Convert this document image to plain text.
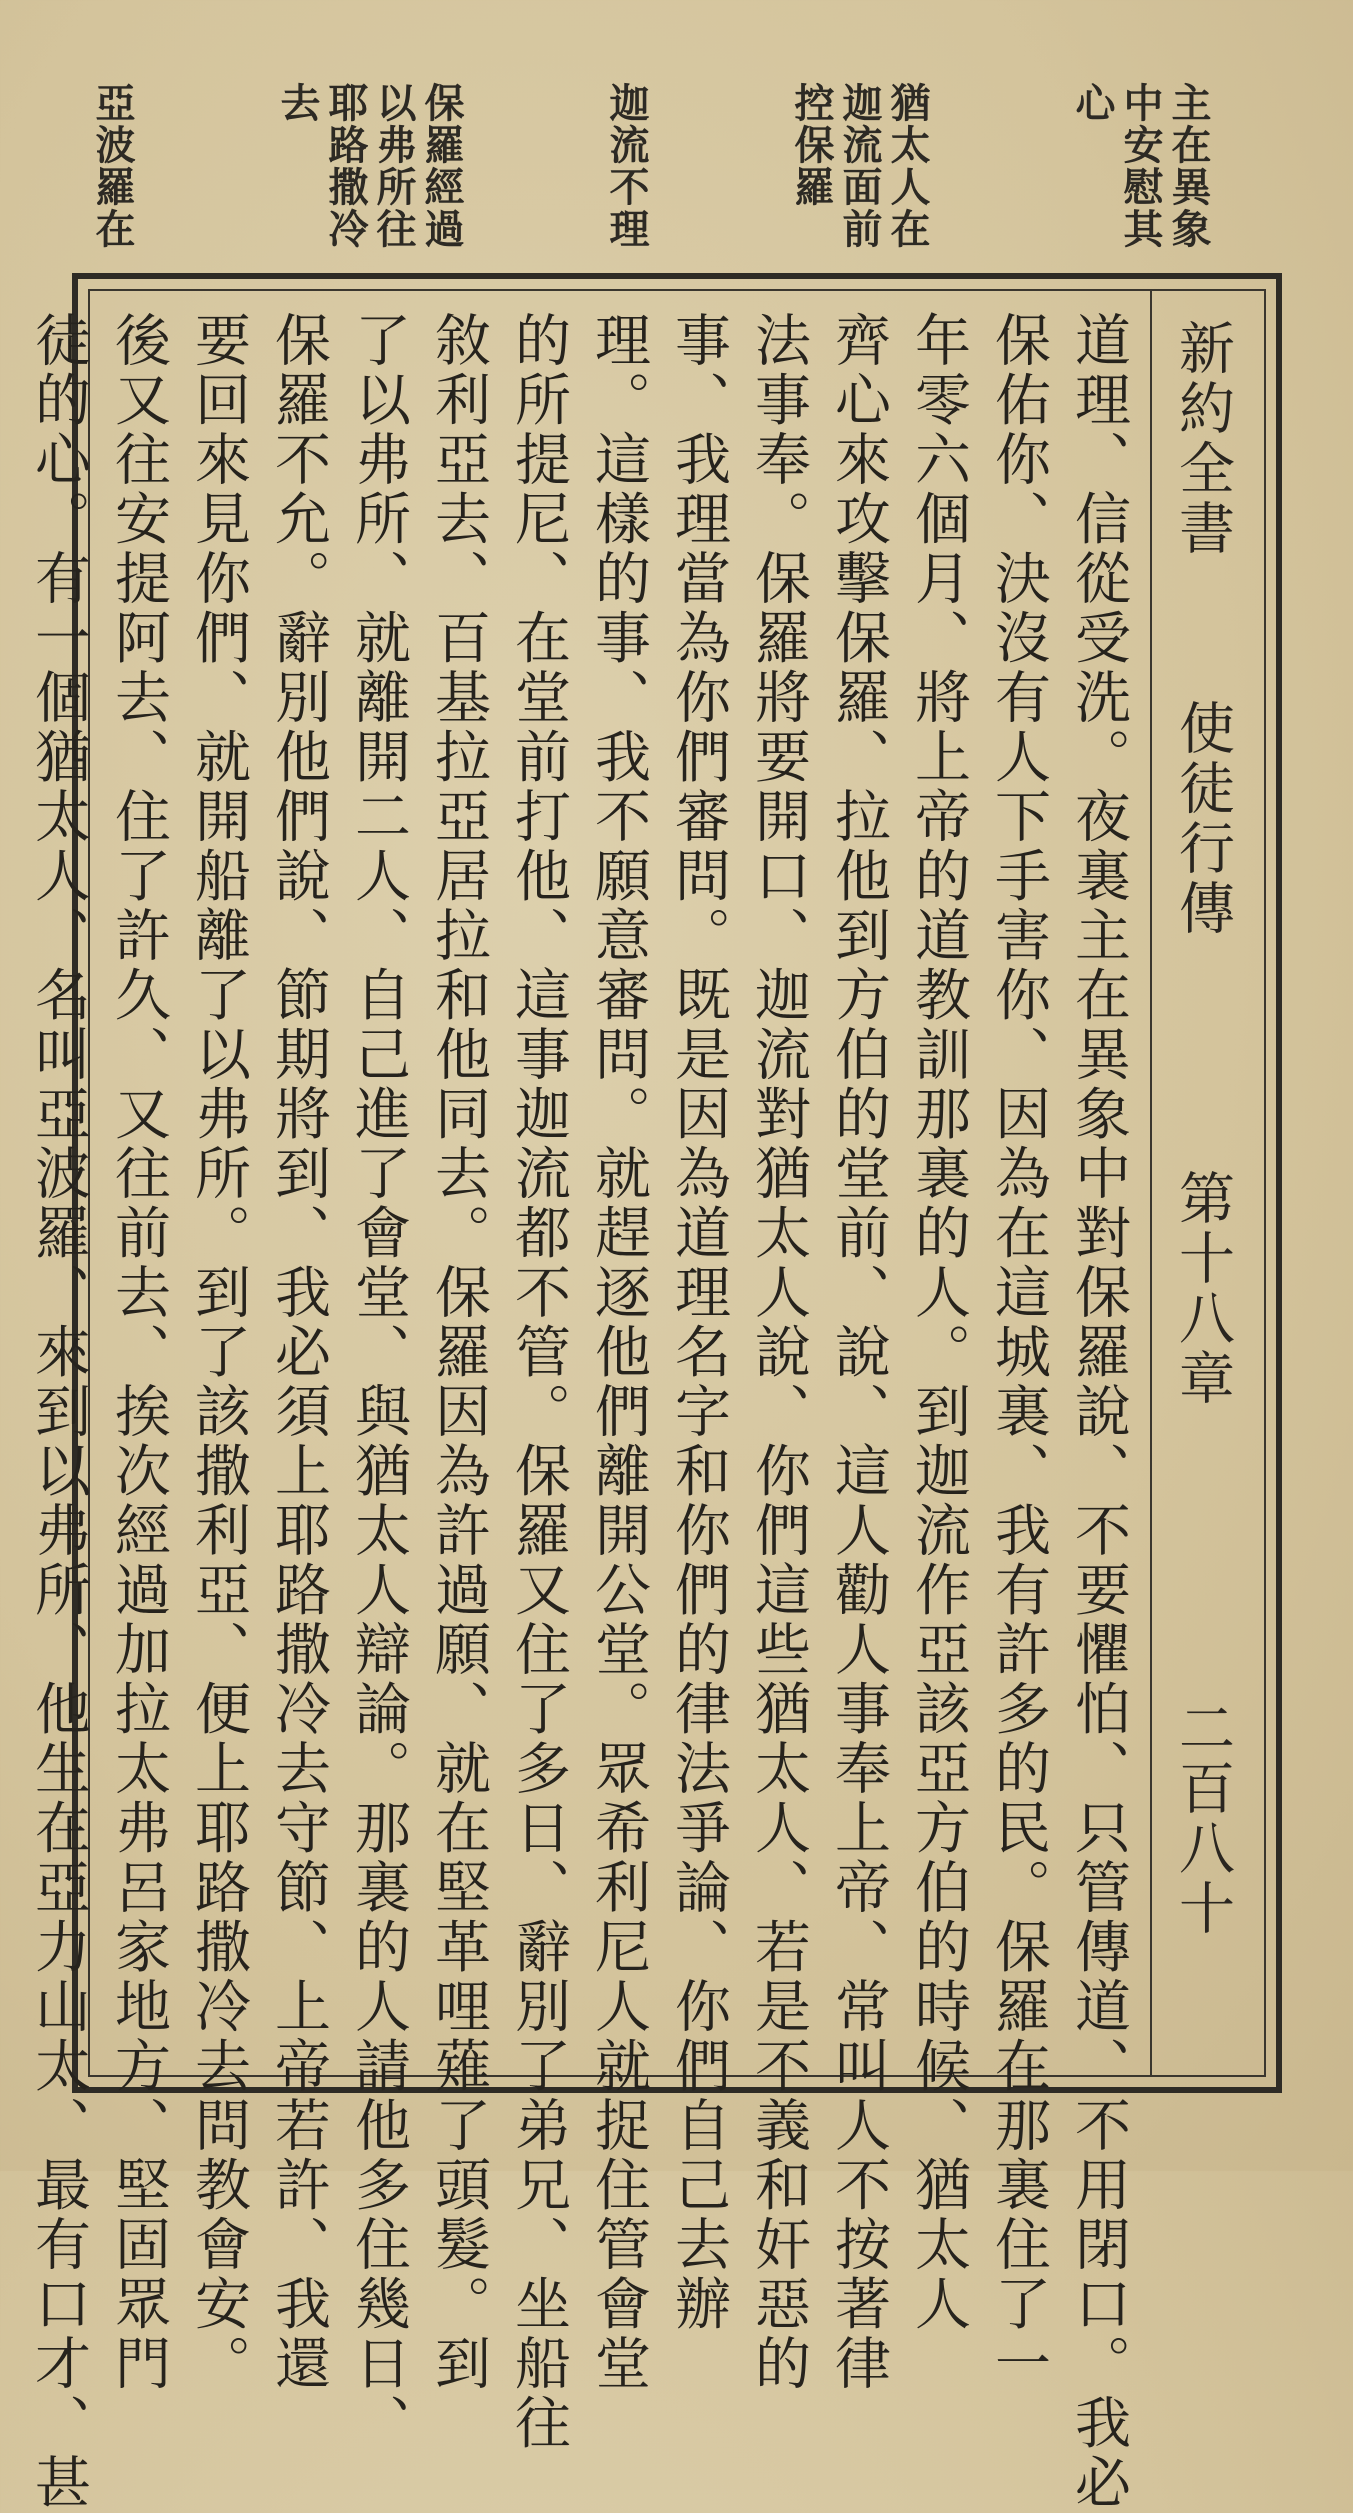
主在異象
中安慰其
心
猶太人在
迦流面前
控保羅
迦流不理
保羅經過
以弗所往
耶路撒冷
去
亞波羅在
新約全書
使徒行傳
第十八章
二百八十
道理、信從受洗。夜裏主在異象中對保羅說、不要懼怕、只管傳道、不用閉口。我必
保佑你、決沒有人下手害你、因為在這城裏、我有許多的民。保羅在那裏住了一
年零六個月、將上帝的道教訓那裏的人。到迦流作亞該亞方伯的時候、猶太人
齊心來攻擊保羅、拉他到方伯的堂前、說、這人勸人事奉上帝、常叫人不按著律
法事奉。保羅將要開口、迦流對猶太人說、你們這些猶太人、若是不義和奸惡的
事、我理當為你們審問。既是因為道理名字和你們的律法爭論、你們自己去辦
理。這樣的事、我不願意審問。就趕逐他們離開公堂。眾希利尼人就捉住管會堂
的所提尼、在堂前打他、這事迦流都不管。保羅又住了多日、辭別了弟兄、坐船往
敘利亞去、百基拉亞居拉和他同去。保羅因為許過願、就在堅革哩薙了頭髮。到
了以弗所、就離開二人、自己進了會堂、與猶太人辯論。那裏的人請他多住幾日、
保羅不允。辭別他們說、節期將到、我必須上耶路撒冷去守節、上帝若許、我還
要回來見你們、就開船離了以弗所。到了該撒利亞、便上耶路撒冷去問教會安。
後又往安提阿去、住了許久、又往前去、挨次經過加拉太弗呂家地方、堅固眾門
徒的心。有一個猶太人、名叫亞波羅、來到以弗所、他生在亞力山太、最有口才、甚
